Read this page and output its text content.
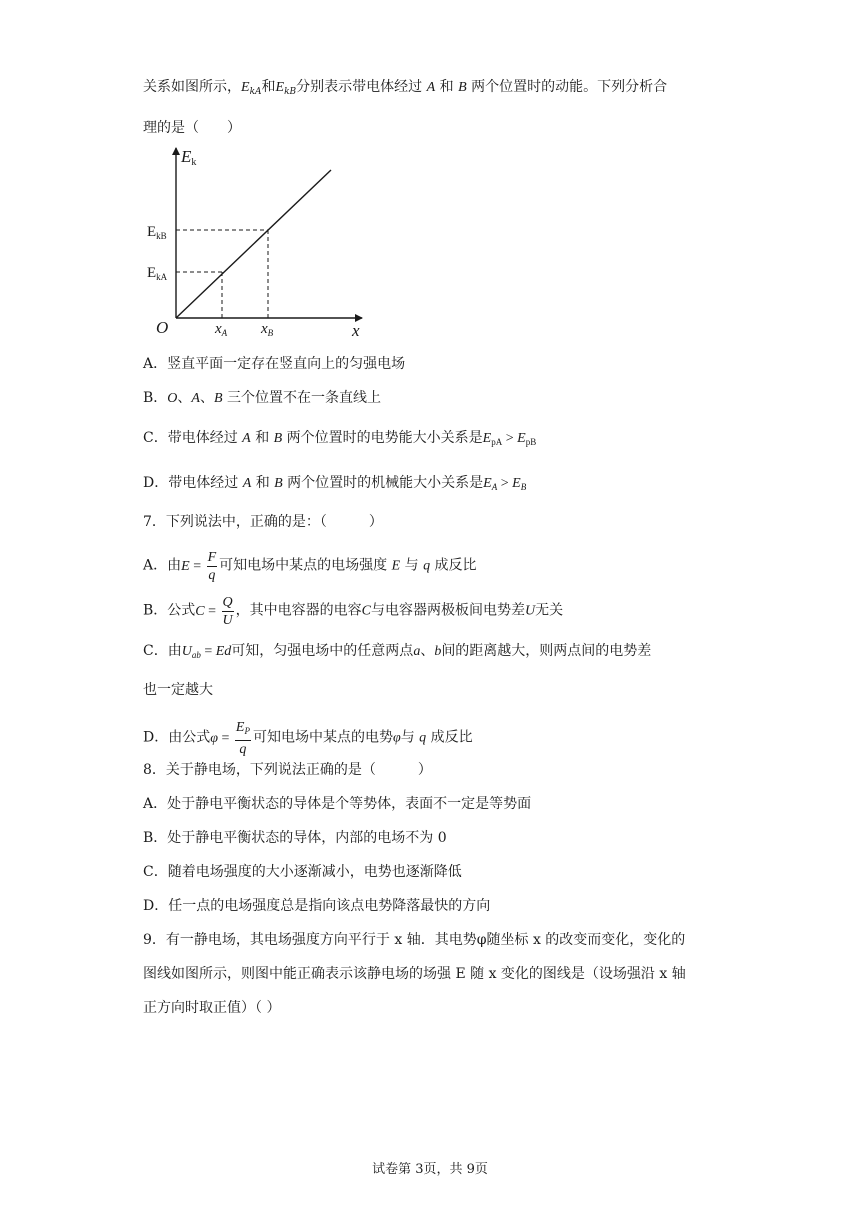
关系如图所示，$E_{kA}$和$E_{kB}$分别表示带电体经过 A 和 B 两个位置时的动能。下列分析合
理的是（　　）
Ek
x
O
$E_{kB}$
$E_{kA}$
$x_A$ $x_B$
A．竖直平面一定存在竖直向上的匀强电场
B．O、A、B 三个位置不在一条直线上
C．带电体经过 A 和 B 两个位置时的电势能大小关系是$E_{pA} > E_{pB}$
D．带电体经过 A 和 B 两个位置时的机械能大小关系是$E_A > E_B$
7．下列说法中，正确的是：（　　　）
A．由$E = \frac{F}{q}$ 可知电场中某点的电场强度 E 与 q 成反比
B．公式$C = \frac{Q}{U}$ ，其中电容器的电容C与电容器两极板间电势差U无关
C．由$U_{ab} = Ed$可知，匀强电场中的任意两点a、b间的距离越大，则两点间的电势差
也一定越大
D．由公式$\varphi = \frac{E_P}{q}$ 可知电场中某点的电势φ与 q 成反比
8．关于静电场，下列说法正确的是（　　　）
A．处于静电平衡状态的导体是个等势体，表面不一定是等势面
B．处于静电平衡状态的导体，内部的电场不为 0
C．随着电场强度的大小逐渐减小，电势也逐渐降低
D．任一点的电场强度总是指向该点电势降落最快的方向
9．有一静电场，其电场强度方向平行于 x 轴．其电势φ随坐标 x 的改变而变化，变化的
图线如图所示，则图中能正确表示该静电场的场强 E 随 x 变化的图线是（设场强沿 x 轴
正方向时取正值）（ ）
试卷第 3页，共 9页
